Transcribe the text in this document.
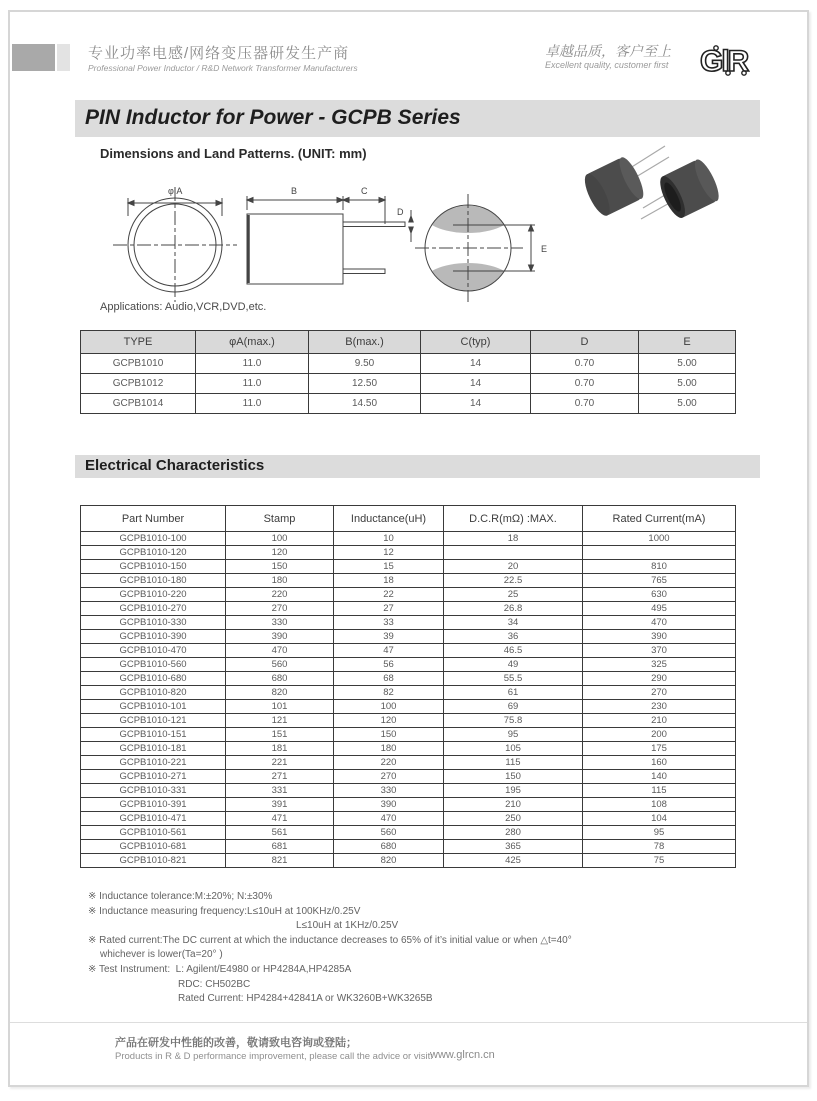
专业功率电感/网络变压器研发生产商
Professional Power Inductor / R&D Network Transformer Manufacturers
卓越品质，客户至上
Excellent quality, customer first GlR
PIN Inductor for Power - GCPB Series
Dimensions and Land Patterns. (UNIT: mm)
φ A	B	C
D
E
Applications: Audio,VCR,DVD,etc.
TYPE	φA(max.)	B(max.)	C(typ)	D	E
GCPB1010	11.0	9.50	14	0.70	5.00
GCPB1012	11.0	12.50	14	0.70	5.00
GCPB1014	11.0	14.50	14	0.70	5.00
Electrical Characteristics
Part Number	Stamp	Inductance(uH)	D.C.R(mΩ) :MAX.	Rated Current(mA)
GCPB1010-100	100	10	18	1000
GCPB1010-120	120	12		
GCPB1010-150	150	15	20	810
GCPB1010-180	180	18	22.5	765
GCPB1010-220	220	22	25	630
GCPB1010-270	270	27	26.8	495
GCPB1010-330	330	33	34	470
GCPB1010-390	390	39	36	390
GCPB1010-470	470	47	46.5	370
GCPB1010-560	560	56	49	325
GCPB1010-680	680	68	55.5	290
GCPB1010-820	820	82	61	270
GCPB1010-101	101	100	69	230
GCPB1010-121	121	120	75.8	210
GCPB1010-151	151	150	95	200
GCPB1010-181	181	180	105	175
GCPB1010-221	221	220	115	160
GCPB1010-271	271	270	150	140
GCPB1010-331	331	330	195	115
GCPB1010-391	391	390	210	108
GCPB1010-471	471	470	250	104
GCPB1010-561	561	560	280	95
GCPB1010-681	681	680	365	78
GCPB1010-821	821	820	425	75
※ Inductance tolerance:M:±20%; N:±30%
※ Inductance measuring frequency:L≤10uH at 100KHz/0.25V
L≤10uH at 1KHz/0.25V
※ Rated current:The DC current at which the inductance decreases to 65% of it’s initial value or when △t=40°
whichever is lower(Ta=20° )
※ Test Instrument:  L: Agilent/E4980 or HP4284A,HP4285A
RDC: CH502BC
Rated Current: HP4284+42841A or WK3260B+WK3265B
产品在研发中性能的改善，敬请致电咨询或登陆；
Products in R & D performance improvement, please call the advice or visit:
www.glrcn.cn
